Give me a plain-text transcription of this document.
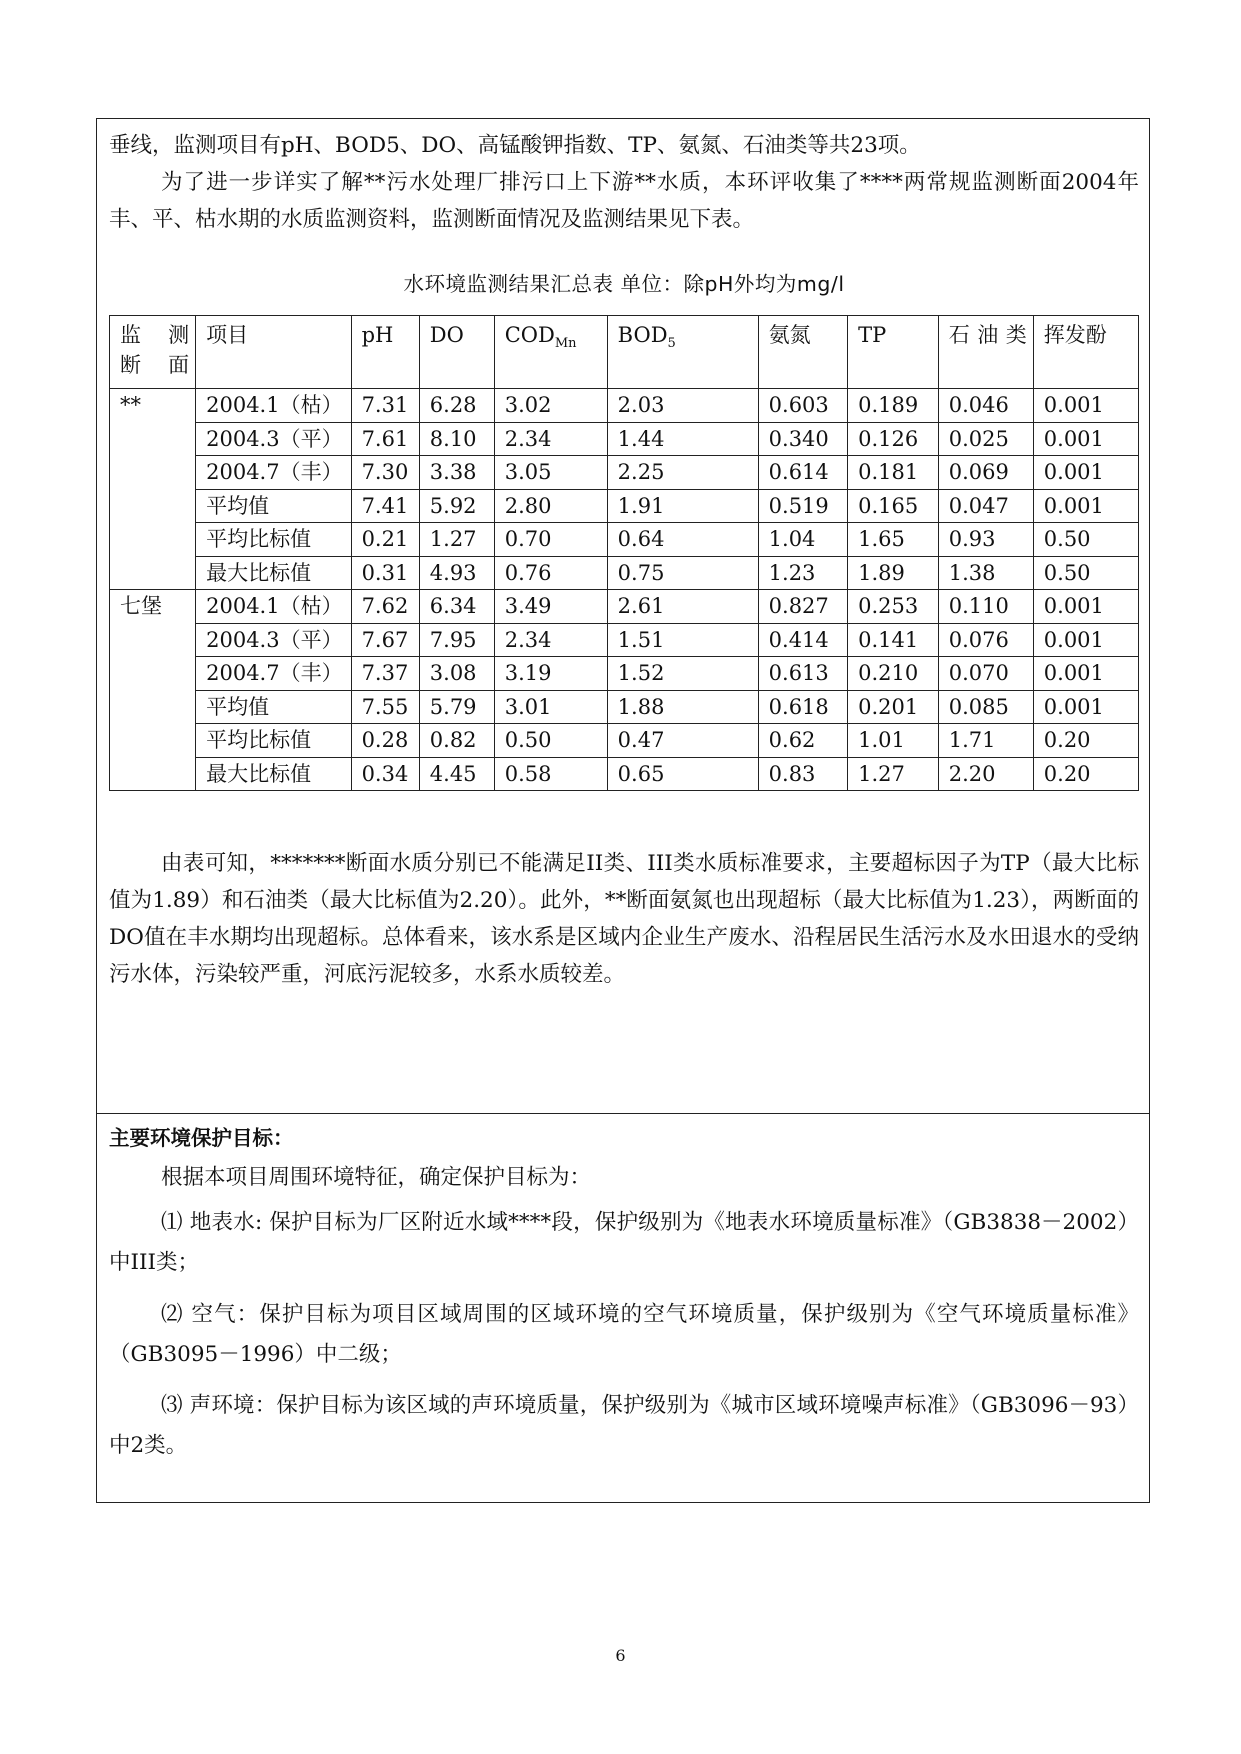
垂线，监测项目有pH、BOD5、DO、高锰酸钾指数、TP、氨氮、石油类等共23项。

为了进一步详实了解**污水处理厂排污口上下游**水质，本环评收集了****两常规监测断面2004年丰、平、枯水期的水质监测资料，监测断面情况及监测结果见下表。

水环境监测结果汇总表 单位：除pH外均为mg/l
监 测 断面	项目	pH	DO	$COD_{Mn}$	$BOD_5$	氨氮	TP	石 油 类	挥发酚
**	2004.1（枯）	7.31	6.28	3.02	2.03	0.603	0.189	0.046	0.001
	2004.3（平）	7.61	8.10	2.34	1.44	0.340	0.126	0.025	0.001
	2004.7（丰）	7.30	3.38	3.05	2.25	0.614	0.181	0.069	0.001
	平均值	7.41	5.92	2.80	1.91	0.519	0.165	0.047	0.001
	平均比标值	0.21	1.27	0.70	0.64	1.04	1.65	0.93	0.50
	最大比标值	0.31	4.93	0.76	0.75	1.23	1.89	1.38	0.50
七堡	2004.1（枯）	7.62	6.34	3.49	2.61	0.827	0.253	0.110	0.001
	2004.3（平）	7.67	7.95	2.34	1.51	0.414	0.141	0.076	0.001
	2004.7（丰）	7.37	3.08	3.19	1.52	0.613	0.210	0.070	0.001
	平均值	7.55	5.79	3.01	1.88	0.618	0.201	0.085	0.001
	平均比标值	0.28	0.82	0.50	0.47	0.62	1.01	1.71	0.20
	最大比标值	0.34	4.45	0.58	0.65	0.83	1.27	2.20	0.20

由表可知，*******断面水质分别已不能满足II类、III类水质标准要求，主要超标因子为TP（最大比标值为1.89）和石油类（最大比标值为2.20）。此外，**断面氨氮也出现超标（最大比标值为1.23），两断面的DO值在丰水期均出现超标。总体看来，该水系是区域内企业生产废水、沿程居民生活污水及水田退水的受纳污水体，污染较严重，河底污泥较多，水系水质较差。

主要环境保护目标：

根据本项目周围环境特征，确定保护目标为：

⑴ 地表水: 保护目标为厂区附近水域****段，保护级别为《地表水环境质量标准》（GB3838－2002）中III类；

⑵ 空气：保护目标为项目区域周围的区域环境的空气环境质量，保护级别为《空气环境质量标准》（GB3095－1996）中二级；

⑶ 声环境：保护目标为该区域的声环境质量，保护级别为《城市区域环境噪声标准》（GB3096－93）中2类。

6
